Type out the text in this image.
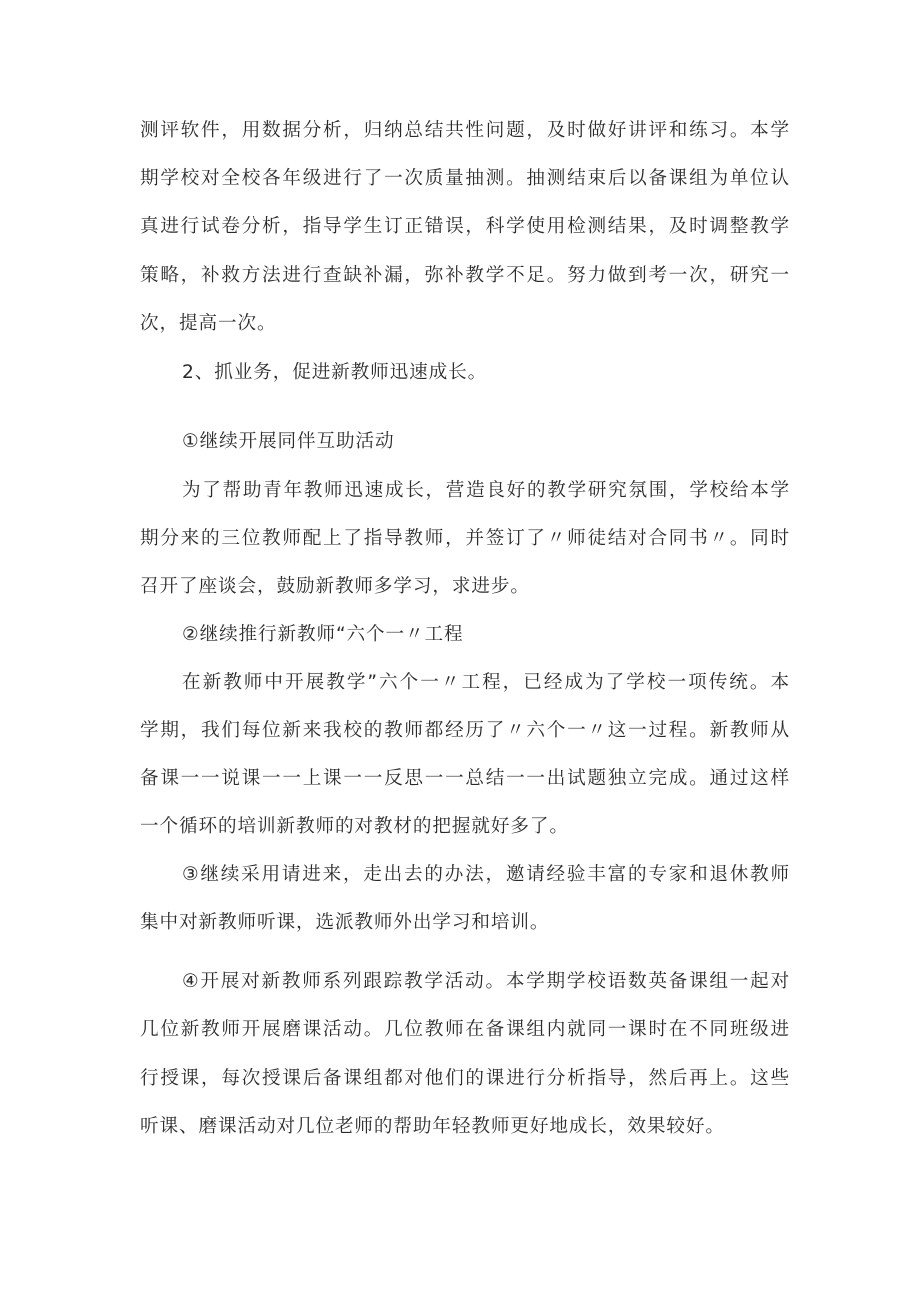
测评软件，用数据分析，归纳总结共性问题，及时做好讲评和练习。本学
期学校对全校各年级进行了一次质量抽测。抽测结束后以备课组为单位认
真进行试卷分析，指导学生订正错误，科学使用检测结果，及时调整教学
策略，补救方法进行查缺补漏，弥补教学不足。努力做到考一次，研究一
次，提高一次。
2、抓业务，促进新教师迅速成长。
①继续开展同伴互助活动
为了帮助青年教师迅速成长，营造良好的教学研究氛围，学校给本学
期分来的三位教师配上了指导教师，并签订了〃师徒结对合同书〃。同时
召开了座谈会，鼓励新教师多学习，求进步。
②继续推行新教师“六个一〃工程
在新教师中开展教学”六个一〃工程，已经成为了学校一项传统。本
学期，我们每位新来我校的教师都经历了〃六个一〃这一过程。新教师从
备课一一说课一一上课一一反思一一总结一一出试题独立完成。通过这样
一个循环的培训新教师的对教材的把握就好多了。
③继续采用请进来，走出去的办法，邀请经验丰富的专家和退休教师
集中对新教师听课，选派教师外出学习和培训。
④开展对新教师系列跟踪教学活动。本学期学校语数英备课组一起对
几位新教师开展磨课活动。几位教师在备课组内就同一课时在不同班级进
行授课，每次授课后备课组都对他们的课进行分析指导，然后再上。这些
听课、磨课活动对几位老师的帮助年轻教师更好地成长，效果较好。
